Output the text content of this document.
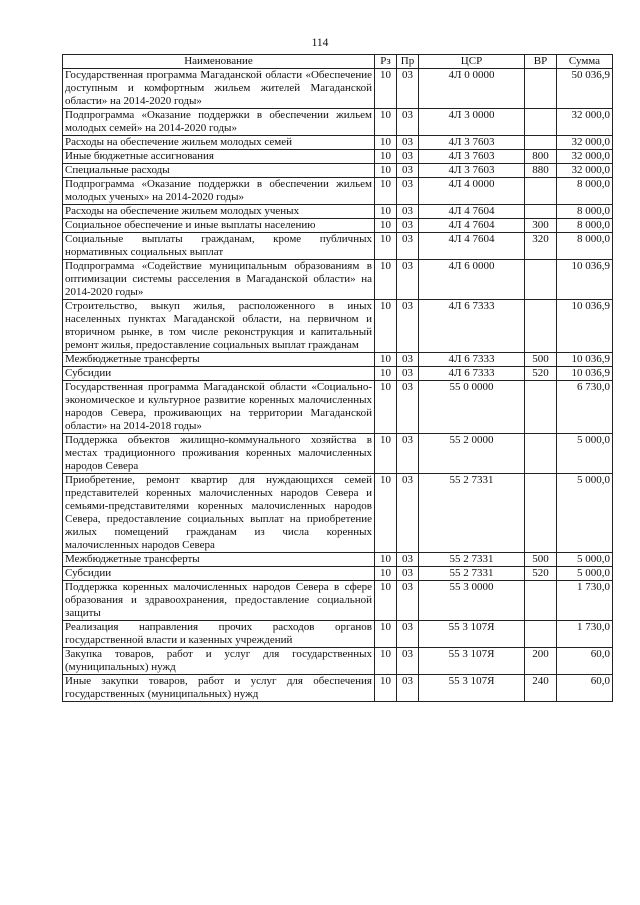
114
Наименование	Рз	Пр	ЦСР	ВР	Сумма
Государственная программа Магаданской области «Обеспечение доступным и комфортным жильем жителей Магаданской области» на 2014-2020 годы»	10	03	4Л 0 0000		50 036,9
Подпрограмма «Оказание поддержки в обеспечении жильем молодых семей» на 2014-2020 годы»	10	03	4Л 3 0000		32 000,0
Расходы на обеспечение жильем молодых семей	10	03	4Л 3 7603		32 000,0
Иные бюджетные ассигнования	10	03	4Л 3 7603	800	32 000,0
Специальные расходы	10	03	4Л 3 7603	880	32 000,0
Подпрограмма «Оказание поддержки в обеспечении жильем молодых ученых» на 2014-2020 годы»	10	03	4Л 4 0000		8 000,0
Расходы на обеспечение жильем молодых ученых	10	03	4Л 4 7604		8 000,0
Социальное обеспечение и иные выплаты населению	10	03	4Л 4 7604	300	8 000,0
Социальные выплаты гражданам, кроме публичных нормативных социальных выплат	10	03	4Л 4 7604	320	8 000,0
Подпрограмма «Содействие муниципальным образованиям в оптимизации системы расселения в Магаданской области» на 2014-2020 годы»	10	03	4Л 6 0000		10 036,9
Строительство, выкуп жилья, расположенного в иных населенных пунктах Магаданской области, на первичном и вторичном рынке, в том числе реконструкция и капитальный ремонт жилья, предоставление социальных выплат гражданам	10	03	4Л 6 7333		10 036,9
Межбюджетные трансферты	10	03	4Л 6 7333	500	10 036,9
Субсидии	10	03	4Л 6 7333	520	10 036,9
Государственная программа Магаданской области «Социально-экономическое и культурное развитие коренных малочисленных народов Севера, проживающих на территории Магаданской области» на 2014-2018 годы»	10	03	55 0 0000		6 730,0
Поддержка объектов жилищно-коммунального хозяйства в местах традиционного проживания коренных малочисленных народов Севера	10	03	55 2 0000		5 000,0
Приобретение, ремонт квартир для нуждающихся семей представителей коренных малочисленных народов Севера и семьями-представителями коренных малочисленных народов Севера, предоставление социальных выплат на приобретение жилых помещений гражданам из числа коренных малочисленных народов Севера	10	03	55 2 7331		5 000,0
Межбюджетные трансферты	10	03	55 2 7331	500	5 000,0
Субсидии	10	03	55 2 7331	520	5 000,0
Поддержка коренных малочисленных народов Севера в сфере образования и здравоохранения, предоставление социальной защиты	10	03	55 3 0000		1 730,0
Реализация направления прочих расходов органов государственной власти и казенных учреждений	10	03	55 3 107Я		1 730,0
Закупка товаров, работ и услуг для государственных (муниципальных) нужд	10	03	55 3 107Я	200	60,0
Иные закупки товаров, работ и услуг для обеспечения государственных (муниципальных) нужд	10	03	55 3 107Я	240	60,0
